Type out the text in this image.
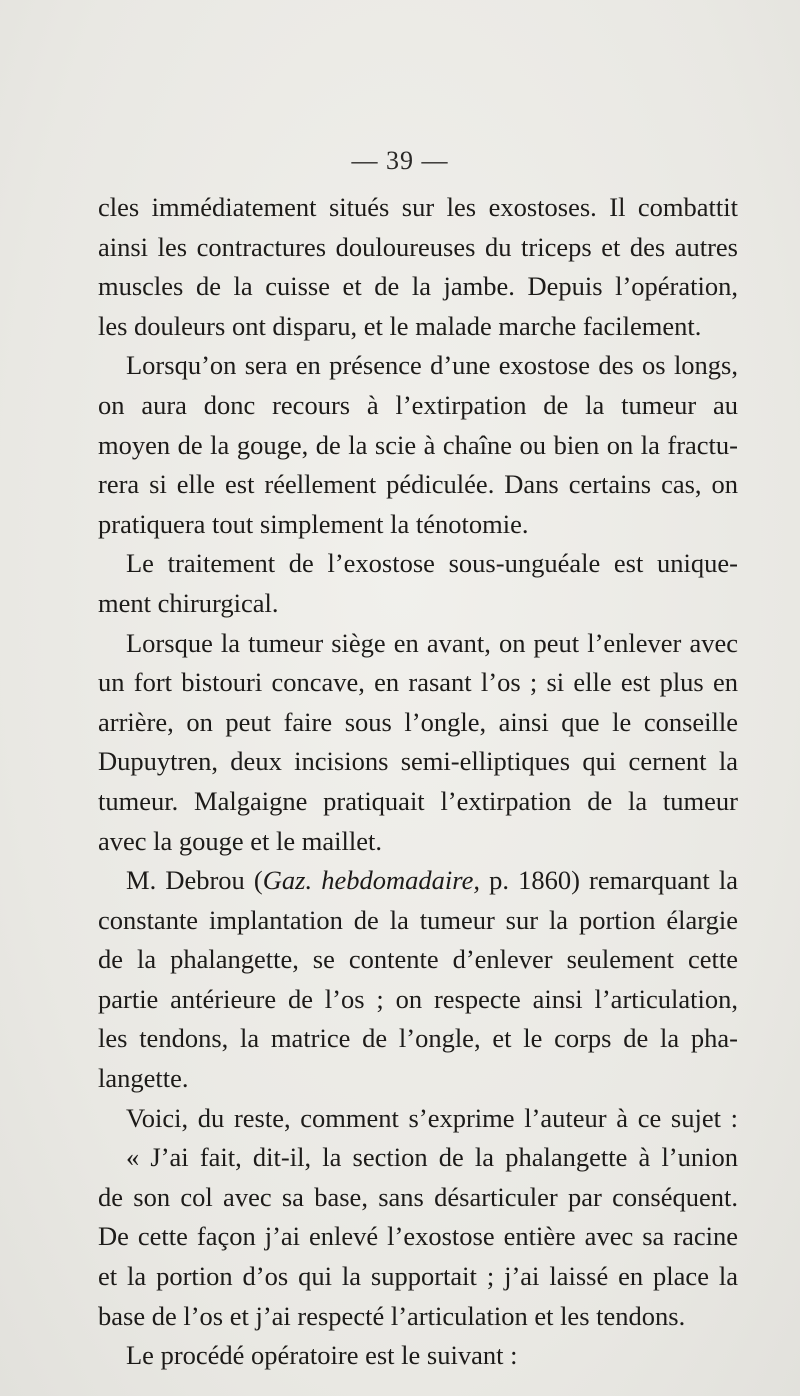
— 39 —
cles immédiatement situés sur les exostoses. Il combattit
ainsi les contractures douloureuses du triceps et des autres
muscles de la cuisse et de la jambe. Depuis l’opération,
les douleurs ont disparu, et le malade marche facilement.
Lorsqu’on sera en présence d’une exostose des os longs,
on aura donc recours à l’extirpation de la tumeur au
moyen de la gouge, de la scie à chaîne ou bien on la fractu-
rera si elle est réellement pédiculée. Dans certains cas, on
pratiquera tout simplement la ténotomie.
Le traitement de l’exostose sous-unguéale est unique-
ment chirurgical.
Lorsque la tumeur siège en avant, on peut l’enlever avec
un fort bistouri concave, en rasant l’os ; si elle est plus en
arrière, on peut faire sous l’ongle, ainsi que le conseille
Dupuytren, deux incisions semi-elliptiques qui cernent la
tumeur. Malgaigne pratiquait l’extirpation de la tumeur
avec la gouge et le maillet.
M. Debrou (Gaz. hebdomadaire, p. 1860) remarquant la
constante implantation de la tumeur sur la portion élargie
de la phalangette, se contente d’enlever seulement cette
partie antérieure de l’os ; on respecte ainsi l’articulation,
les tendons, la matrice de l’ongle, et le corps de la pha-
langette.
Voici, du reste, comment s’exprime l’auteur à ce sujet :
« J’ai fait, dit-il, la section de la phalangette à l’union
de son col avec sa base, sans désarticuler par conséquent.
De cette façon j’ai enlevé l’exostose entière avec sa racine
et la portion d’os qui la supportait ; j’ai laissé en place la
base de l’os et j’ai respecté l’articulation et les tendons.
Le procédé opératoire est le suivant :
